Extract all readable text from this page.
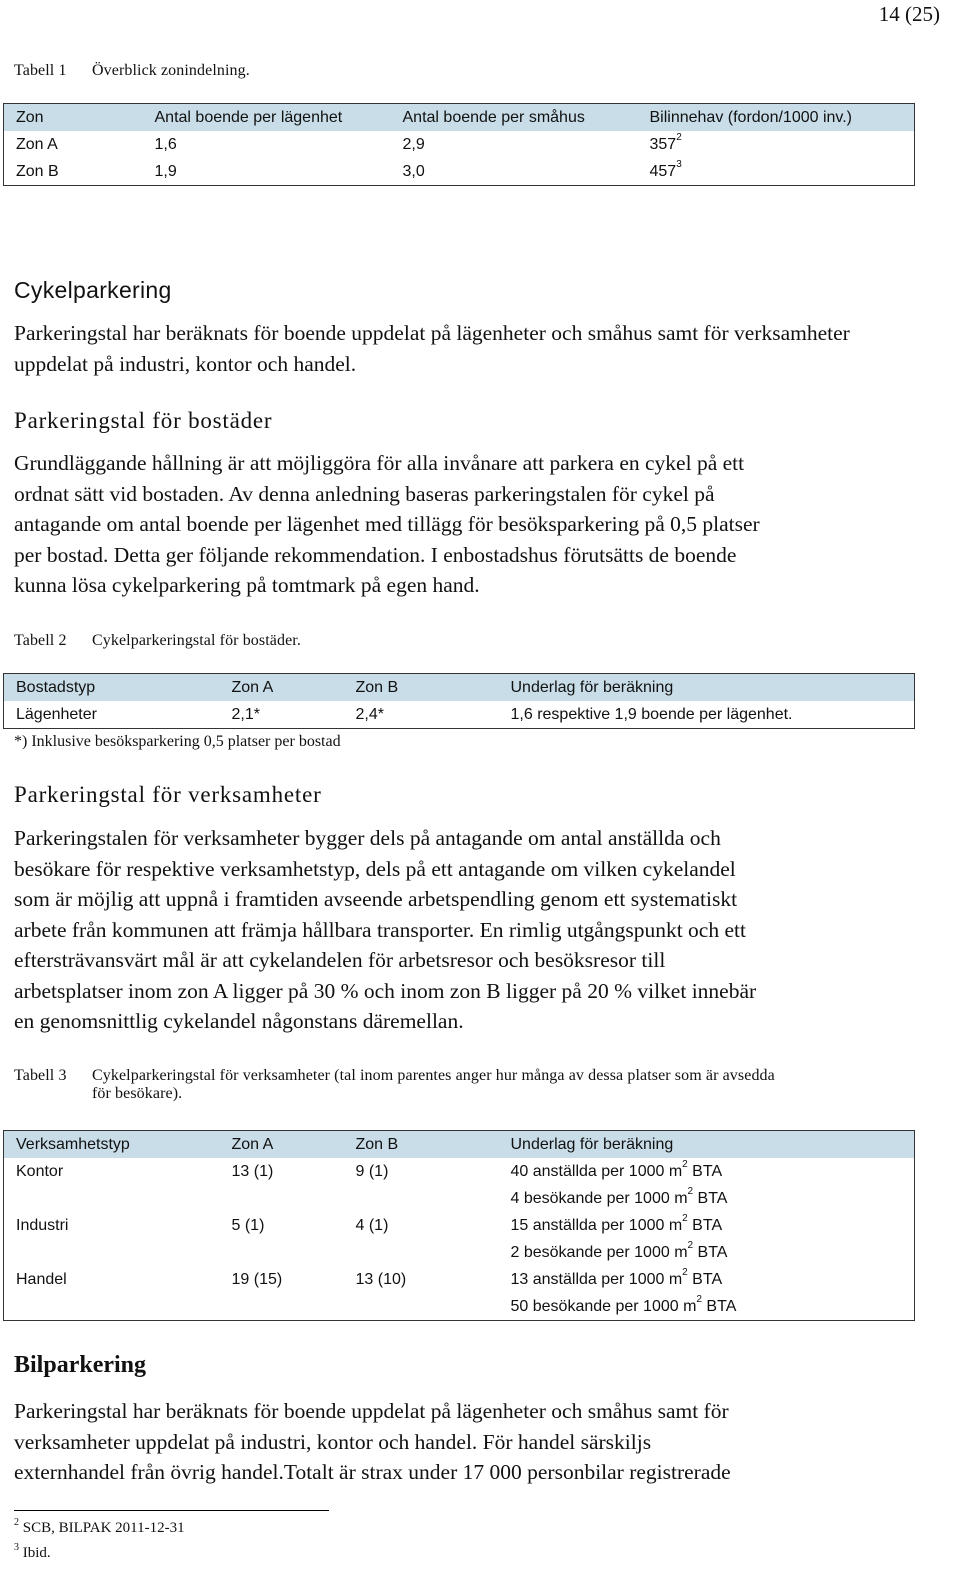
14 (25)
Tabell 1 Överblick zonindelning.
Zon	Antal boende per lägenhet	Antal boende per småhus	Bilinnehav (fordon/1000 inv.)
Zon A	1,6	2,9	$357^2$
Zon B	1,9	3,0	$457^3$
Cykelparkering
Parkeringstal har beräknats för boende uppdelat på lägenheter och småhus samt för verksamheter uppdelat på industri, kontor och handel.
Parkeringstal för bostäder
Grundläggande hållning är att möjliggöra för alla invånare att parkera en cykel på ett
ordnat sätt vid bostaden. Av denna anledning baseras parkeringstalen för cykel på
antagande om antal boende per lägenhet med tillägg för besöksparkering på 0,5 platser
per bostad. Detta ger följande rekommendation. I enbostadshus förutsätts de boende
kunna lösa cykelparkering på tomtmark på egen hand.
Tabell 2 Cykelparkeringstal för bostäder.
Bostadstyp	Zon A	Zon B	Underlag för beräkning
Lägenheter	2,1*	2,4*	1,6 respektive 1,9 boende per lägenhet.
*) Inklusive besöksparkering 0,5 platser per bostad
Parkeringstal för verksamheter
Parkeringstalen för verksamheter bygger dels på antagande om antal anställda och
besökare för respektive verksamhetstyp, dels på ett antagande om vilken cykelandel
som är möjlig att uppnå i framtiden avseende arbetspendling genom ett systematiskt
arbete från kommunen att främja hållbara transporter. En rimlig utgångspunkt och ett
eftersträvansvärt mål är att cykelandelen för arbetsresor och besöksresor till
arbetsplatser inom zon A ligger på 30 % och inom zon B ligger på 20 % vilket innebär
en genomsnittlig cykelandel någonstans däremellan.
Tabell 3 Cykelparkeringstal för verksamheter (tal inom parentes anger hur många av dessa platser som är avsedda
för besökare).
Verksamhetstyp	Zon A	Zon B	Underlag för beräkning
Kontor	13 (1)	9 (1)	40 anställda per 1000 $m^2$ BTA
			4 besökande per 1000 $m^2$ BTA
Industri	5 (1)	4 (1)	15 anställda per 1000 $m^2$ BTA
			2 besökande per 1000 $m^2$ BTA
Handel	19 (15)	13 (10)	13 anställda per 1000 $m^2$ BTA
			50 besökande per 1000 $m^2$ BTA
Bilparkering
Parkeringstal har beräknats för boende uppdelat på lägenheter och småhus samt för
verksamheter uppdelat på industri, kontor och handel. För handel särskiljs
externhandel från övrig handel.Totalt är strax under 17 000 personbilar registrerade
$^2$ SCB, BILPAK 2011-12-31
$^3$ Ibid.
